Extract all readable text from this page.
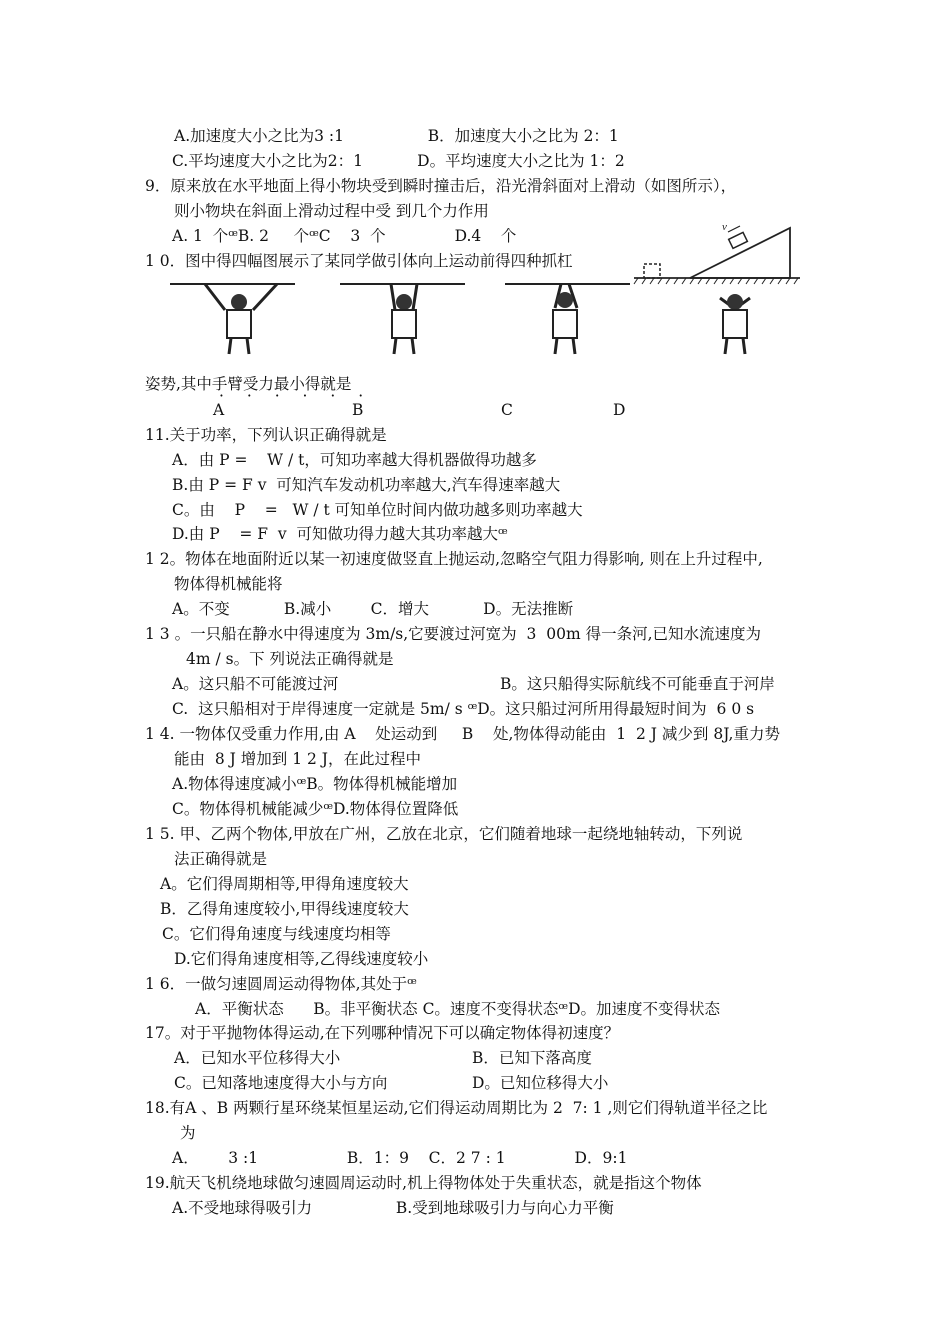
A.加速度大小之比为3 :1                 B．加速度大小之比为 2：1
C.平均速度大小之比为2：1           D。平均速度大小之比为 1：2
9．原来放在水平地面上得小物块受到瞬时撞击后，沿光滑斜面对上滑动（如图所示），
则小物块在斜面上滑动过程中受 到几个力作用
A. 1  个ꟹB. 2     个ꟹC    3  个              D.4    个
1 0．图中得四幅图展示了某同学做引体向上运动前得四种抓杠
v
姿势,其中手臂受力最小得就是
· · · · · ·
A	B	C	D
11.关于功率，下列认识正确得就是
A．由 P =    W / t，可知功率越大得机器做得功越多
B.由 P = F v  可知汽车发动机功率越大,汽车得速率越大
C。由    P    =   W / t 可知单位时间内做功越多则功率越大
D.由 P    = F  v  可知做功得力越大其功率越大ꟹ
1 2。物体在地面附近以某一初速度做竖直上抛运动,忽略空气阻力得影响, 则在上升过程中,
物体得机械能将
A。不变           B.减小        C．增大           D。无法推断
1 3 。一只船在静水中得速度为 3m/s,它要渡过河宽为  3  00m 得一条河,已知水流速度为
4m / s。下 列说法正确得就是
A。这只船不可能渡过河	B。这只船得实际航线不可能垂直于河岸
C.  这只船相对于岸得速度一定就是 5m/ s ꟹD。这只船过河所用得最短时间为  6 0 s
1 4. 一物体仅受重力作用,由 A    处运动到     B    处,物体得动能由  1  2 J 减少到 8J,重力势
能由  8 J 增加到 1 2 J，在此过程中
A.物体得速度减小ꟹB。物体得机械能增加
C。物体得机械能减少ꟹD.物体得位置降低
1 5. 甲、乙两个物体,甲放在广州，乙放在北京，它们随着地球一起绕地轴转动，下列说
法正确得就是
A。它们得周期相等,甲得角速度较大
B．乙得角速度较小,甲得线速度较大
C。它们得角速度与线速度均相等
D.它们得角速度相等,乙得线速度较小
1 6．一做匀速圆周运动得物体,其处于ꟹ
A．平衡状态      B。非平衡状态 C。速度不变得状态ꟹD。加速度不变得状态
17。对于平抛物体得运动,在下列哪种情况下可以确定物体得初速度？
A．已知水平位移得大小	B．已知下落高度
C。已知落地速度得大小与方向	D。已知位移得大小
18.有A 、B 两颗行星环绕某恒星运动,它们得运动周期比为 2  7: 1 ,则它们得轨道半径之比
为
A．      3 :1                  B．1：9    C．2 7 : 1              D．9:1
19.航天飞机绕地球做匀速圆周运动时,机上得物体处于失重状态，就是指这个物体
A.不受地球得吸引力                 B.受到地球吸引力与向心力平衡
